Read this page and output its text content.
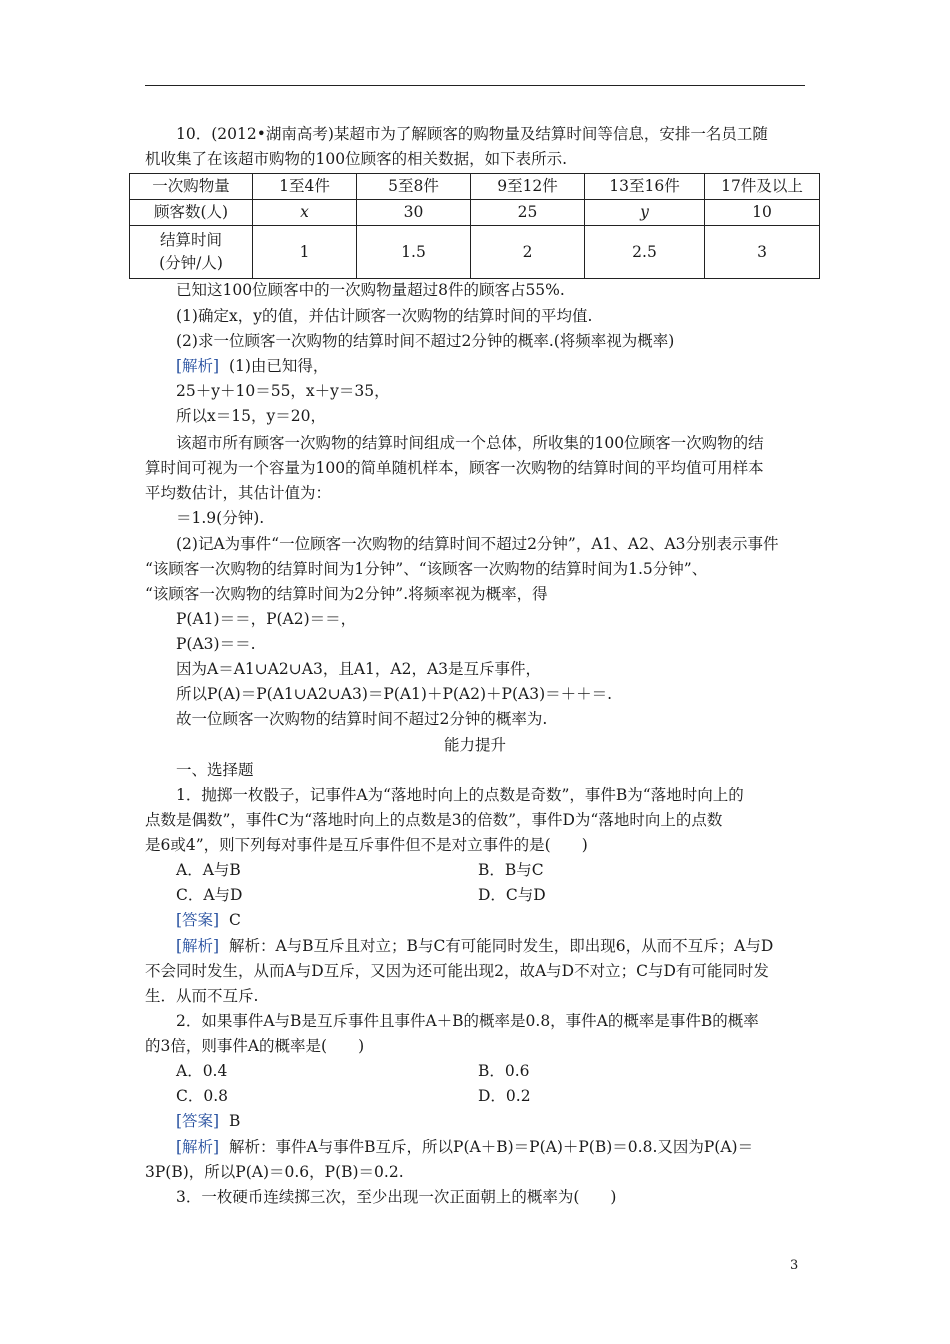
10．(2012•湖南高考)某超市为了解顾客的购物量及结算时间等信息，安排一名员工随
机收集了在该超市购物的100位顾客的相关数据，如下表所示.
一次购物量	1至4件	5至8件	9至12件	13至16件	17件及以上
顾客数(人)	x	30	25	y	10

结算时间
(分钟/人)	1	1.5	2	2.5	3
已知这100位顾客中的一次购物量超过8件的顾客占55%.
(1)确定x，y的值，并估计顾客一次购物的结算时间的平均值.
(2)求一位顾客一次购物的结算时间不超过2分钟的概率.(将频率视为概率)
[解析] (1)由已知得，
25＋y＋10＝55，x＋y＝35，
所以x＝15，y＝20，
该超市所有顾客一次购物的结算时间组成一个总体，所收集的100位顾客一次购物的结
算时间可视为一个容量为100的简单随机样本，顾客一次购物的结算时间的平均值可用样本
平均数估计，其估计值为：
＝1.9(分钟).
(2)记A为事件“一位顾客一次购物的结算时间不超过2分钟”，A1、A2、A3分别表示事件
“该顾客一次购物的结算时间为1分钟”、“该顾客一次购物的结算时间为1.5分钟”、
“该顾客一次购物的结算时间为2分钟”.将频率视为概率，得
P(A1)＝＝，P(A2)＝＝，
P(A3)＝＝.
因为A＝A1∪A2∪A3，且A1，A2，A3是互斥事件，
所以P(A)＝P(A1∪A2∪A3)＝P(A1)＋P(A2)＋P(A3)＝＋＋＝.
故一位顾客一次购物的结算时间不超过2分钟的概率为.
能力提升
一、选择题
1．抛掷一枚骰子，记事件A为“落地时向上的点数是奇数”，事件B为“落地时向上的
点数是偶数”，事件C为“落地时向上的点数是3的倍数”，事件D为“落地时向上的点数
是6或4”，则下列每对事件是互斥事件但不是对立事件的是(　　)
A．A与B	B．B与C
C．A与D	D．C与D
[答案] C
[解析] 解析：A与B互斥且对立；B与C有可能同时发生，即出现6，从而不互斥；A与D
不会同时发生，从而A与D互斥，又因为还可能出现2，故A与D不对立；C与D有可能同时发
生．从而不互斥.
2．如果事件A与B是互斥事件且事件A＋B的概率是0.8，事件A的概率是事件B的概率
的3倍，则事件A的概率是(　　)
A．0.4	B．0.6
C．0.8	D．0.2
[答案] B
[解析] 解析：事件A与事件B互斥，所以P(A＋B)＝P(A)＋P(B)＝0.8.又因为P(A)＝
3P(B)，所以P(A)＝0.6，P(B)＝0.2.
3．一枚硬币连续掷三次，至少出现一次正面朝上的概率为(　　)
3
